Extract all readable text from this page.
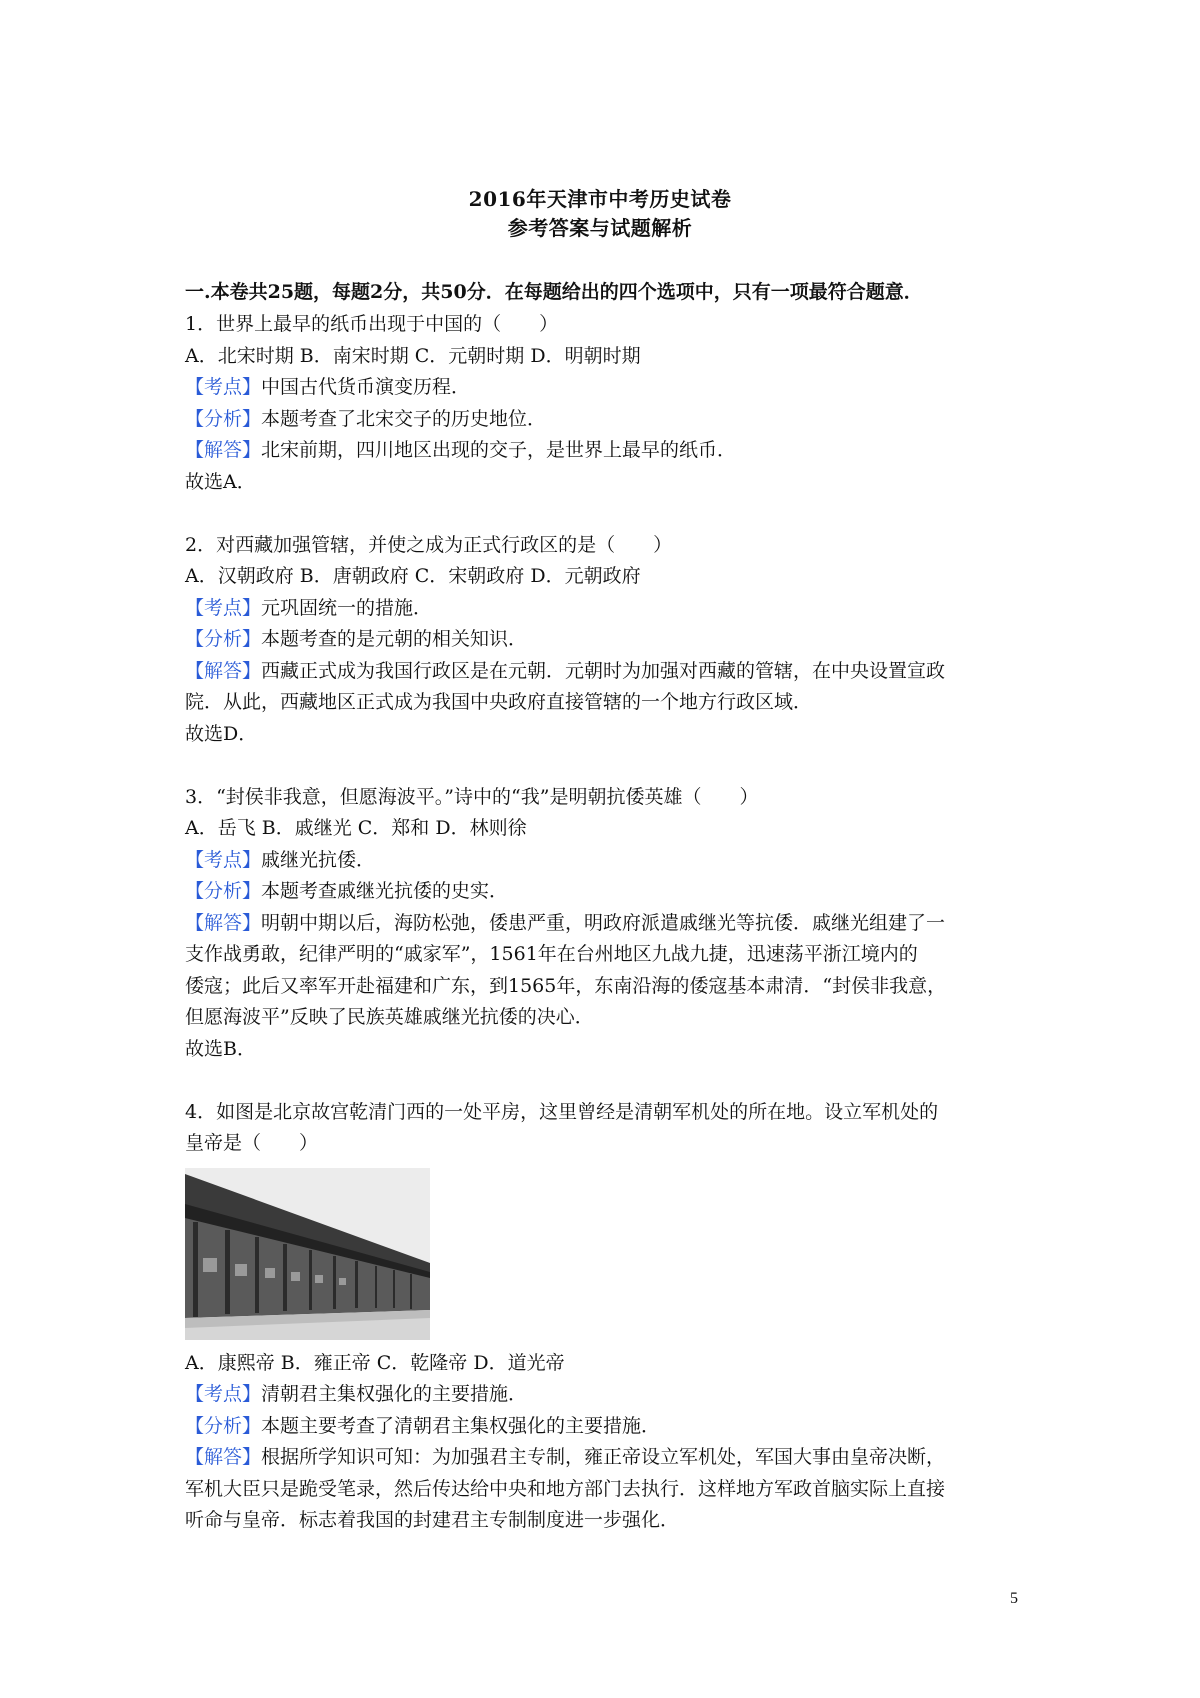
2016年天津市中考历史试卷
参考答案与试题解析
一.本卷共25题，每题2分，共50分．在每题给出的四个选项中，只有一项最符合题意．
1．世界上最早的纸币出现于中国的（　　）
A．北宋时期 B．南宋时期 C．元朝时期 D．明朝时期
【考点】中国古代货币演变历程．
【分析】本题考查了北宋交子的历史地位．
【解答】北宋前期，四川地区出现的交子，是世界上最早的纸币．
故选A．
2．对西藏加强管辖，并使之成为正式行政区的是（　　）
A．汉朝政府 B．唐朝政府 C．宋朝政府 D．元朝政府
【考点】元巩固统一的措施．
【分析】本题考查的是元朝的相关知识．
【解答】西藏正式成为我国行政区是在元朝．元朝时为加强对西藏的管辖，在中央设置宣政
院．从此，西藏地区正式成为我国中央政府直接管辖的一个地方行政区域．
故选D．
3．“封侯非我意，但愿海波平。”诗中的“我”是明朝抗倭英雄（　　）
A．岳飞 B．戚继光 C．郑和 D．林则徐
【考点】戚继光抗倭．
【分析】本题考查戚继光抗倭的史实．
【解答】明朝中期以后，海防松弛，倭患严重，明政府派遣戚继光等抗倭．戚继光组建了一
支作战勇敢，纪律严明的“戚家军”，1561年在台州地区九战九捷，迅速荡平浙江境内的
倭寇；此后又率军开赴福建和广东，到1565年，东南沿海的倭寇基本肃清．“封侯非我意，
但愿海波平”反映了民族英雄戚继光抗倭的决心．
故选B．
4．如图是北京故宫乾清门西的一处平房，这里曾经是清朝军机处的所在地。设立军机处的
皇帝是（　　）
A．康熙帝 B．雍正帝 C．乾隆帝 D．道光帝
【考点】清朝君主集权强化的主要措施．
【分析】本题主要考查了清朝君主集权强化的主要措施．
【解答】根据所学知识可知：为加强君主专制，雍正帝设立军机处，军国大事由皇帝决断，
军机大臣只是跪受笔录，然后传达给中央和地方部门去执行．这样地方军政首脑实际上直接
听命与皇帝．标志着我国的封建君主专制制度进一步强化．
5
